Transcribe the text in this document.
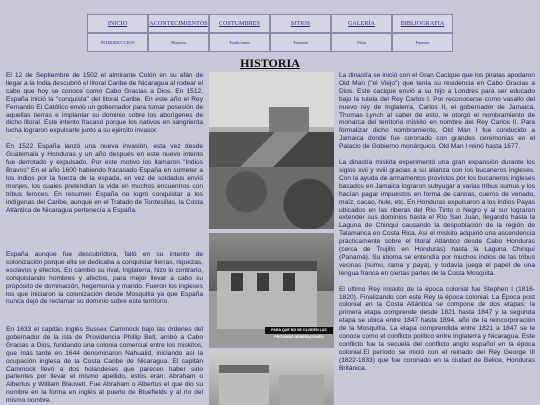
INICIO	ACONTECIMIENTOS	COSTUMBRES	SITIOS	GALERÍA	BIBLIOGRAFIA
INTRODUCCION	Historia	Tradiciones	Turismo	Vista	Fuentes
HISTORIA

El 12 de Septiembre de 1502 el almirante Colón en su afán de llegar a la India descubrió el litoral Caribe de Nicaragua al rodear el cabo que hoy se conoce como Cabo Gracias a Dios. En 1512, España inició la "conquista" del litoral Caribe. En este año el Rey Fernando El Católico envió un gobernador para tomar posesión de aquellas tierras e implantar su dominio sobre los aborígenes de dicho litoral. Este intento fracasó porque los nativos en sangrienta lucha lograron expulsarle junto a su ejército invasor.

En 1522 España lanzó una nueva invasión, esta vez desde Guatemala y Honduras y un año después en este nuevo intento fue derrotado y expulsado. Por este motivo los llamaron "Indios Bravos" En el año 1600 habiendo fracasado España en someter a los indios por la fuerza de la espada, en vez de soldados envió monjes, los cuales pretendían la vida en muchos encuentros con tribus feroces. En resumen España no logró conquistar a los indígenas del Caribe, aunque en el Tratado de Tordesillas, la Costa Atlántica de Nicaragua pertenecía a España.

España aunque fue descubridora, falló en su intento de colonización porque ella se dedicaba a conquistar tierras, riquezas, esclavos y efectos. En cambio su rival, Inglaterra, hizo lo contrario, conquistando hombres y afectos, para mejor llevar a cabo su propósito de dominación, hegemonía y mando. Fueron los ingleses los que iniciaron la colonización desde Mosquitia ya que España nunca dejó de reclamar su dominio sobre este territorio.

En 1633 el capitán Inglés Sussex Cammock bajo las órdenes del gobernador de la isla de Providencia Phillip Bell, arribó a Cabo Gracias a Dios, fundando una colonia comercial entre los miskitos, que más tarde en 1644 denominaron Nahualid, iniciando así la ocupación inglesa de la Costa Caribe de Nicaragua. El capitán Cammock llevó a dos holandeses que parecen haber sido parientes por llevar el mismo apellido, estos eran: Abraham o Albertus y William Blauvelt. Fue Abraham o Albertus el que dio su nombre en la forma en inglés al puerto de Bluefields y al río del mismo nombre.

PARA QUE NO SE OLVIDEN LAS PRÓXIMAS GENERACIONES

La dinastía se inició con el Gran Cacique que los piratas apodaron Old Man ("el Viejo") que tenía su residencia en Cabo Gracias a Dios. Este cacique envió a su hijo a Londres para ser educado bajo la tutela del Rey Carlos I. Por reconocerse como vasallo del nuevo rey de Inglaterra, Carlos II, el gobernador de Jamaica, Thomas Lynch al saber de esto, le otorgó el nombramiento de monarca del territorio miskito en nombre del Rey Carlos II. Para formalizar dicho nombramiento, Old Man I fue conducido a Jamaica donde fue coronado con grandes ceremonias en el Palacio de Gobierno monárquico. Old Man I reinó hasta 1677.

La dinastía miskita experimentó una gran expansión durante los siglos xvii y xviii gracias a su alianza con los bucaneros ingleses. Con la ayuda de armamentos provistos por los bucaneros ingleses basados en Jamaica lograron subyugar a varias tribus sumus y los hacían pagar impuestos en forma de canoas, cueros de venado, maíz, cacao, hule, etc. En Honduras expulsaron a los indios Payas ubicados en las riberas del Río Tinto o Negro y al sur lograron extender sus dominios hasta el Río San Juan, llegando hasta la Laguna de Chiriquí causando la despoblación de la región de Talamanca en Costa Rica. Así el miskito adquirió una ascendencia prácticamente sobre el litoral Atlántico desde Cabo Honduras (cerca de Trujillo en Honduras) hasta la Laguna Chiriquí (Panamá). Su idioma se entendía por muchos indios de las tribus vecinas (sumu, rama y paya), y todavía juega el papel de una lengua franca en ciertas partes de la Costa Mosquita.

El ultimo Rey miskito de la época colonial fue Stephen I (1816-1820). Finalizando con este Rey la época colonial. La Época post colonial en la Costa Atlántica se compone de dos etapas: la primera etapa comprende desde 1821 hasta 1847 y la segunda etapa se ubica entre 1847 hasta 1894, año de la reincorporación de la Mosquitia. La etapa comprendida entre 1821 a 1847 se le conoce como el conflicto político entre Inglaterra y Nicaragua. Este conflicto fue la secuela del conflicto anglo español en la época colonial.El período se inició con el reinado del Rey George III (1822-1833) que fue coronado en la ciudad de Belice, Honduras Británica.
